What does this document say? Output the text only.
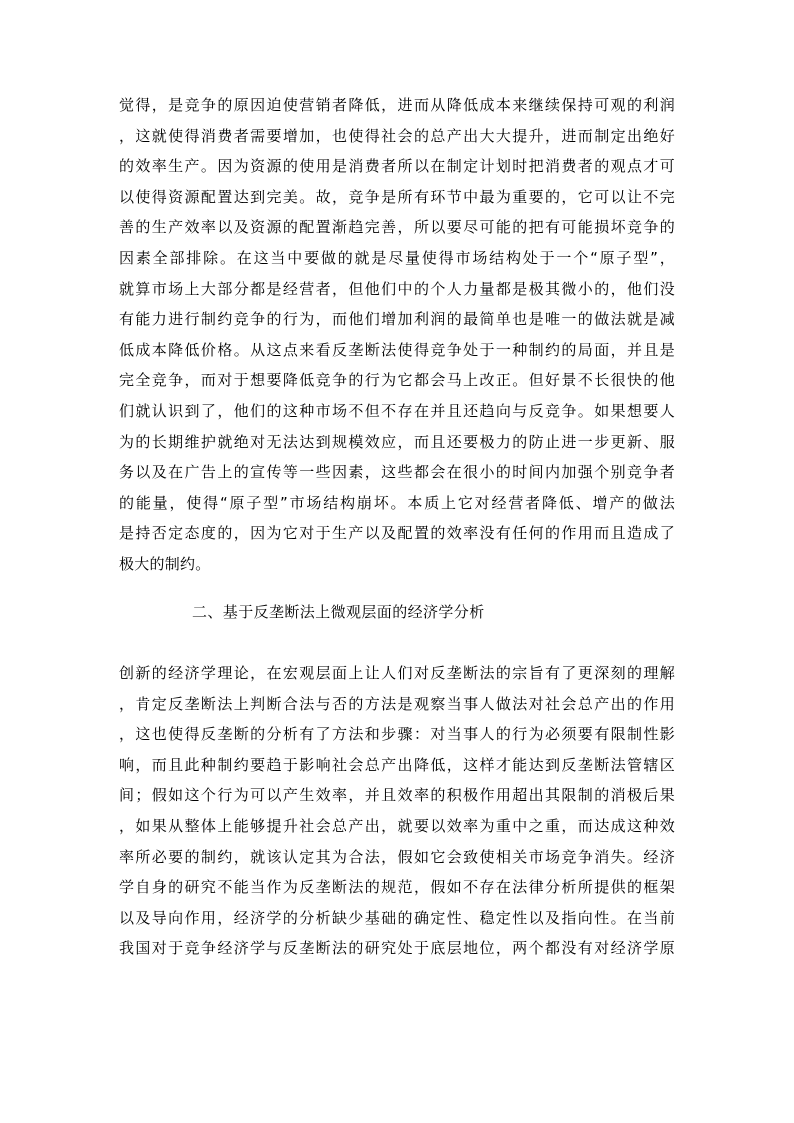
觉得，是竞争的原因迫使营销者降低，进而从降低成本来继续保持可观的利润
，这就使得消费者需要增加，也使得社会的总产出大大提升，进而制定出绝好
的效率生产。因为资源的使用是消费者所以在制定计划时把消费者的观点才可
以使得资源配置达到完美。故，竞争是所有环节中最为重要的，它可以让不完
善的生产效率以及资源的配置渐趋完善，所以要尽可能的把有可能损坏竞争的
因素全部排除。在这当中要做的就是尽量使得市场结构处于一个“原子型”，
就算市场上大部分都是经营者，但他们中的个人力量都是极其微小的，他们没
有能力进行制约竞争的行为，而他们增加利润的最简单也是唯一的做法就是减
低成本降低价格。从这点来看反垄断法使得竞争处于一种制约的局面，并且是
完全竞争，而对于想要降低竞争的行为它都会马上改正。但好景不长很快的他
们就认识到了，他们的这种市场不但不存在并且还趋向与反竞争。如果想要人
为的长期维护就绝对无法达到规模效应，而且还要极力的防止进一步更新、服
务以及在广告上的宣传等一些因素，这些都会在很小的时间内加强个别竞争者
的能量，使得“原子型”市场结构崩坏。本质上它对经营者降低、增产的做法
是持否定态度的，因为它对于生产以及配置的效率没有任何的作用而且造成了
极大的制约。
二、基于反垄断法上微观层面的经济学分析
创新的经济学理论，在宏观层面上让人们对反垄断法的宗旨有了更深刻的理解
，肯定反垄断法上判断合法与否的方法是观察当事人做法对社会总产出的作用
，这也使得反垄断的分析有了方法和步骤：对当事人的行为必须要有限制性影
响，而且此种制约要趋于影响社会总产出降低，这样才能达到反垄断法管辖区
间；假如这个行为可以产生效率，并且效率的积极作用超出其限制的消极后果
，如果从整体上能够提升社会总产出，就要以效率为重中之重，而达成这种效
率所必要的制约，就该认定其为合法，假如它会致使相关市场竞争消失。经济
学自身的研究不能当作为反垄断法的规范，假如不存在法律分析所提供的框架
以及导向作用，经济学的分析缺少基础的确定性、稳定性以及指向性。在当前
我国对于竞争经济学与反垄断法的研究处于底层地位，两个都没有对经济学原
